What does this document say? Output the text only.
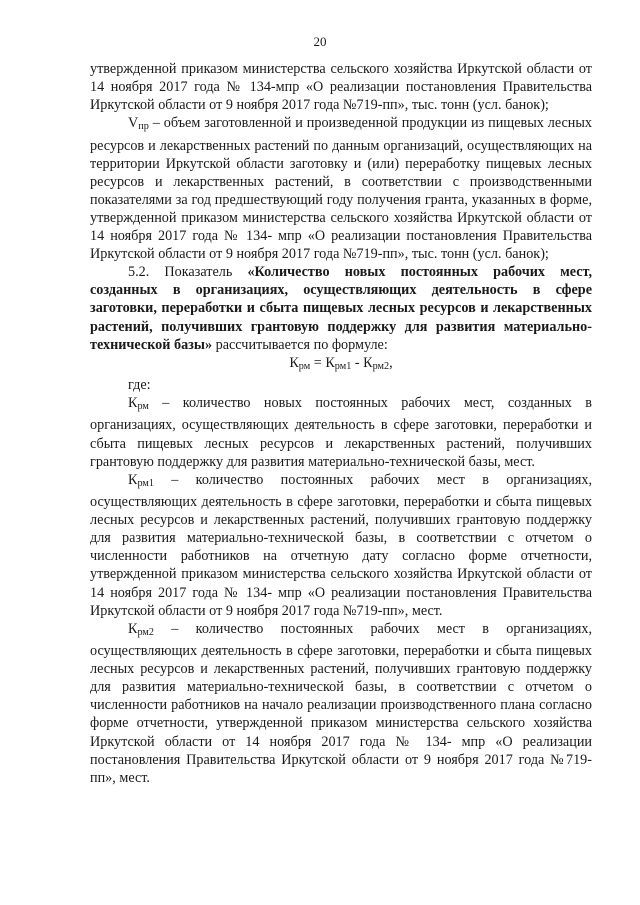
20

утвержденной приказом министерства сельского хозяйства Иркутской области от 14 ноября 2017 года № 134-мпр «О реализации постановления Правительства Иркутской области от 9 ноября 2017 года №719-пп», тыс. тонн (усл. банок);

$V_{пр}$ – объем заготовленной и произведенной продукции из пищевых лесных ресурсов и лекарственных растений по данным организаций, осуществляющих на территории Иркутской области заготовку и (или) переработку пищевых лесных ресурсов и лекарственных растений, в соответствии с производственными показателями за год предшествующий году получения гранта, указанных в форме, утвержденной приказом министерства сельского хозяйства Иркутской области от 14 ноября 2017 года № 134- мпр «О реализации постановления Правительства Иркутской области от 9 ноября 2017 года №719-пп», тыс. тонн (усл. банок);

5.2. Показатель «Количество новых постоянных рабочих мест, созданных в организациях, осуществляющих деятельность в сфере заготовки, переработки и сбыта пищевых лесных ресурсов и лекарственных растений, получивших грантовую поддержку для развития материально-технической базы» рассчитывается по формуле:

$К_{рм} = К_{рм1} - К_{рм2}$,

где:

$К_{рм}$ – количество новых постоянных рабочих мест, созданных в организациях, осуществляющих деятельность в сфере заготовки, переработки и сбыта пищевых лесных ресурсов и лекарственных растений, получивших грантовую поддержку для развития материально-технической базы, мест.

$К_{рм1}$ – количество постоянных рабочих мест в организациях, осуществляющих деятельность в сфере заготовки, переработки и сбыта пищевых лесных ресурсов и лекарственных растений, получивших грантовую поддержку для развития материально-технической базы, в соответствии с отчетом о численности работников на отчетную дату согласно форме отчетности, утвержденной приказом министерства сельского хозяйства Иркутской области от 14 ноября 2017 года № 134- мпр «О реализации постановления Правительства Иркутской области от 9 ноября 2017 года №719-пп», мест.

$К_{рм2}$ – количество постоянных рабочих мест в организациях, осуществляющих деятельность в сфере заготовки, переработки и сбыта пищевых лесных ресурсов и лекарственных растений, получивших грантовую поддержку для развития материально-технической базы, в соответствии с отчетом о численности работников на начало реализации производственного плана согласно форме отчетности, утвержденной приказом министерства сельского хозяйства Иркутской области от 14 ноября 2017 года № 134- мпр «О реализации постановления Правительства Иркутской области от 9 ноября 2017 года №719-пп», мест.
